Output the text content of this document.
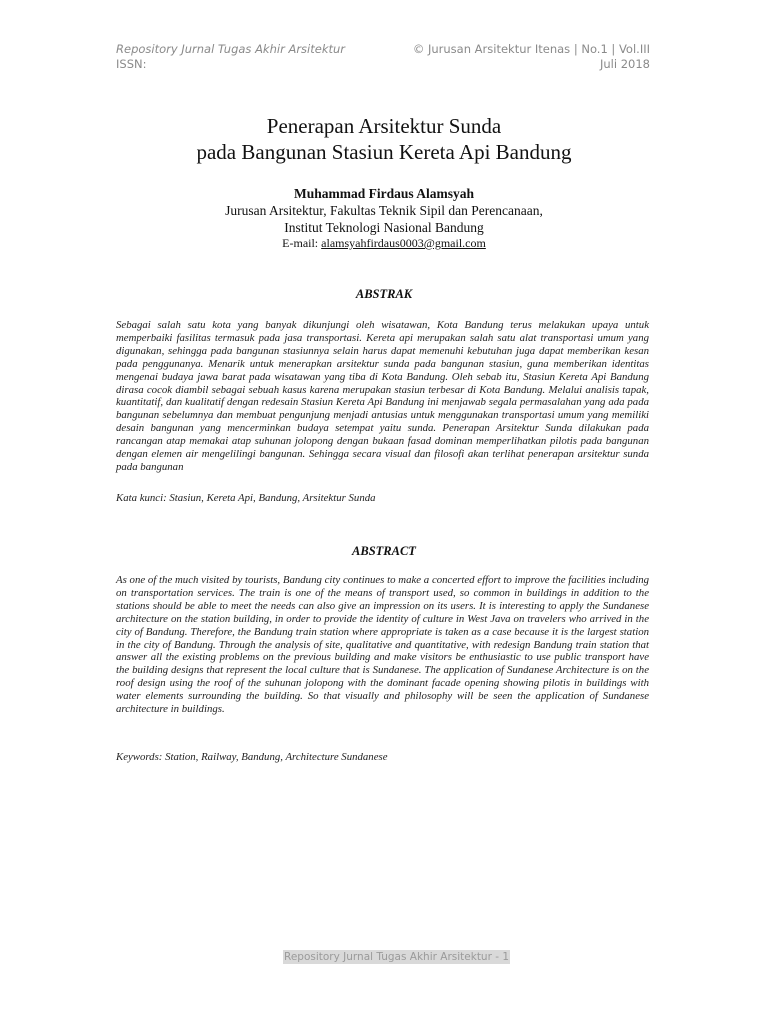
Repository Jurnal Tugas Akhir Arsitektur
ISSN:
© Jurusan Arsitektur Itenas | No.1 | Vol.III
Juli 2018
Penerapan Arsitektur Sunda
pada Bangunan Stasiun Kereta Api Bandung
Muhammad Firdaus Alamsyah
Jurusan Arsitektur, Fakultas Teknik Sipil dan Perencanaan,
Institut Teknologi Nasional Bandung
E-mail: alamsyahfirdaus0003@gmail.com
ABSTRAK

Sebagai salah satu kota yang banyak dikunjungi oleh wisatawan, Kota Bandung terus melakukan upaya untuk memperbaiki fasilitas termasuk pada jasa transportasi. Kereta api merupakan salah satu alat transportasi umum yang digunakan, sehingga pada bangunan stasiunnya selain harus dapat memenuhi kebutuhan juga dapat memberikan kesan pada penggunanya. Menarik untuk menerapkan arsitektur sunda pada bangunan stasiun, guna memberikan identitas mengenai budaya jawa barat pada wisatawan yang tiba di Kota Bandung. Oleh sebab itu, Stasiun Kereta Api Bandung dirasa cocok diambil sebagai sebuah kasus karena merupakan stasiun terbesar di Kota Bandung. Melalui analisis tapak, kuantitatif, dan kualitatif dengan redesain Stasiun Kereta Api Bandung ini menjawab segala permasalahan yang ada pada bangunan sebelumnya dan membuat pengunjung menjadi antusias untuk menggunakan transportasi umum yang memiliki desain bangunan yang mencerminkan budaya setempat yaitu sunda. Penerapan Arsitektur Sunda dilakukan pada rancangan atap memakai atap suhunan jolopong dengan bukaan fasad dominan memperlihatkan pilotis pada bangunan dengan elemen air mengelilingi bangunan. Sehingga secara visual dan filosofi akan terlihat penerapan arsitektur sunda pada bangunan

Kata kunci: Stasiun, Kereta Api, Bandung, Arsitektur Sunda

ABSTRACT

As one of the much visited by tourists, Bandung city continues to make a concerted effort to improve the facilities including on transportation services. The train is one of the means of transport used, so common in buildings in addition to the stations should be able to meet the needs can also give an impression on its users. It is interesting to apply the Sundanese architecture on the station building, in order to provide the identity of culture in West Java on travelers who arrived in the city of Bandung. Therefore, the Bandung train station where appropriate is taken as a case because it is the largest station in the city of Bandung. Through the analysis of site, qualitative and quantitative, with redesign Bandung train station that answer all the existing problems on the previous building and make visitors be enthusiastic to use public transport have the building designs that represent the local culture that is Sundanese. The application of Sundanese Architecture is on the roof design using the roof of the suhunan jolopong with the dominant facade opening showing pilotis in buildings with water elements surrounding the building. So that visually and philosophy will be seen the application of Sundanese architecture in buildings.

Keywords: Station, Railway, Bandung, Architecture Sundanese

Repository Jurnal Tugas Akhir Arsitektur - 1
